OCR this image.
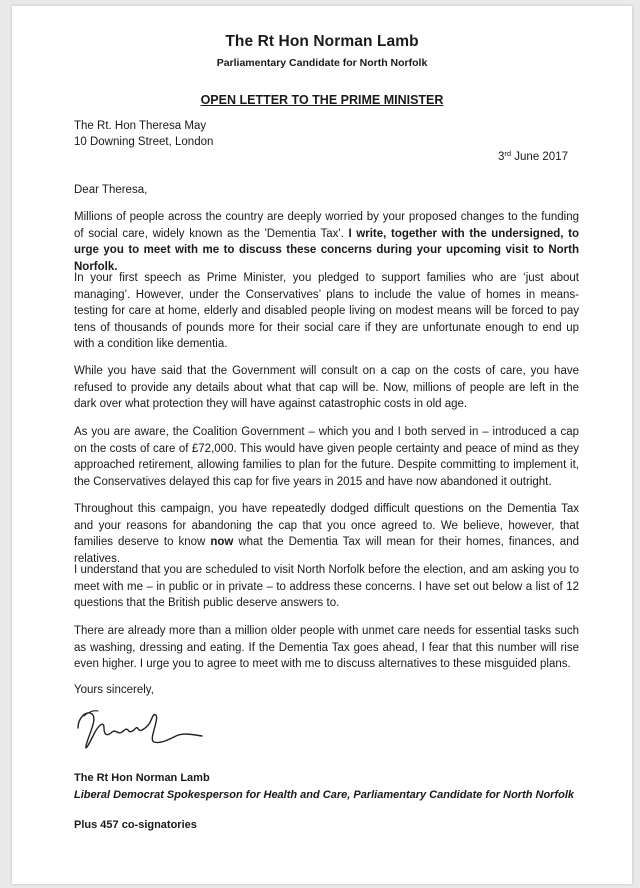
The Rt Hon Norman Lamb
Parliamentary Candidate for North Norfolk
OPEN LETTER TO THE PRIME MINISTER
The Rt. Hon Theresa May
10 Downing Street, London
3rd June 2017
Dear Theresa,

Millions of people across the country are deeply worried by your proposed changes to the funding of social care, widely known as the 'Dementia Tax'. I write, together with the undersigned, to urge you to meet with me to discuss these concerns during your upcoming visit to North Norfolk.

In your first speech as Prime Minister, you pledged to support families who are ‘just about managing’. However, under the Conservatives’ plans to include the value of homes in means-testing for care at home, elderly and disabled people living on modest means will be forced to pay tens of thousands of pounds more for their social care if they are unfortunate enough to end up with a condition like dementia.

While you have said that the Government will consult on a cap on the costs of care, you have refused to provide any details about what that cap will be. Now, millions of people are left in the dark over what protection they will have against catastrophic costs in old age.

As you are aware, the Coalition Government – which you and I both served in – introduced a cap on the costs of care of £72,000. This would have given people certainty and peace of mind as they approached retirement, allowing families to plan for the future. Despite committing to implement it, the Conservatives delayed this cap for five years in 2015 and have now abandoned it outright.

Throughout this campaign, you have repeatedly dodged difficult questions on the Dementia Tax and your reasons for abandoning the cap that you once agreed to. We believe, however, that families deserve to know now what the Dementia Tax will mean for their homes, finances, and relatives.

I understand that you are scheduled to visit North Norfolk before the election, and am asking you to meet with me – in public or in private – to address these concerns. I have set out below a list of 12 questions that the British public deserve answers to.

There are already more than a million older people with unmet care needs for essential tasks such as washing, dressing and eating. If the Dementia Tax goes ahead, I fear that this number will rise even higher. I urge you to agree to meet with me to discuss alternatives to these misguided plans.

Yours sincerely,
The Rt Hon Norman Lamb
Liberal Democrat Spokesperson for Health and Care, Parliamentary Candidate for North Norfolk
Plus 457 co-signatories
